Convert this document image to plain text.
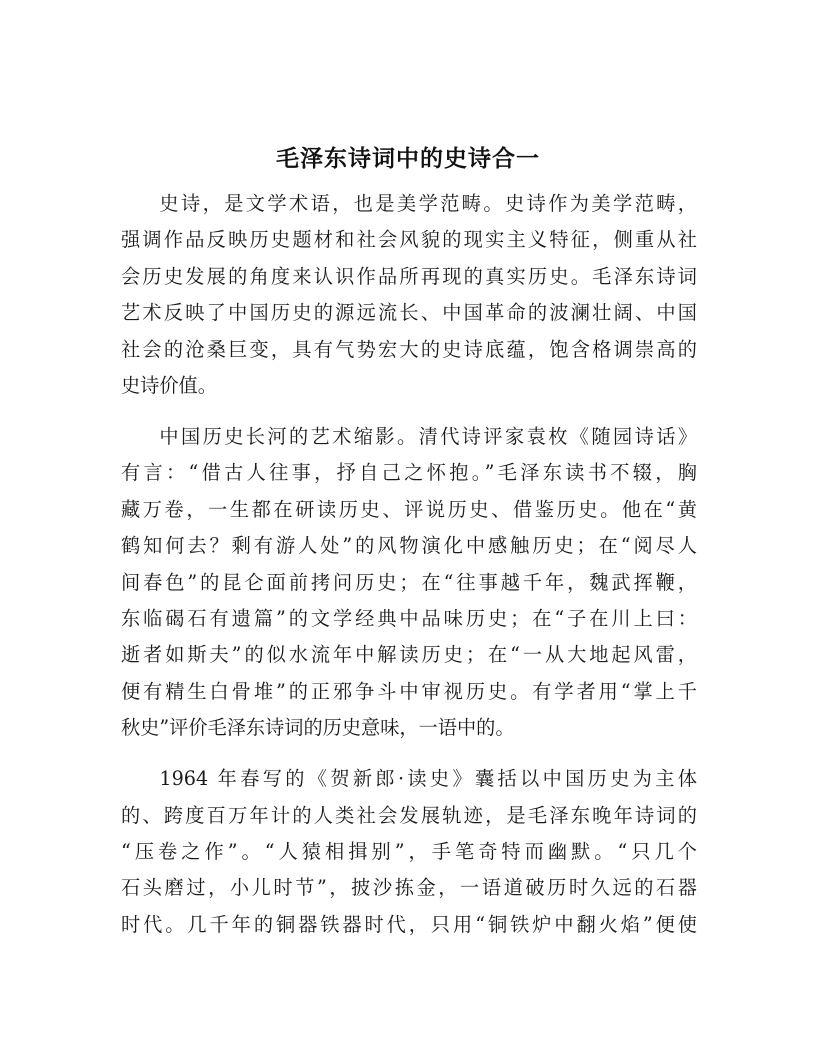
毛泽东诗词中的史诗合一

史诗，是文学术语，也是美学范畴。史诗作为美学范畴，
强调作品反映历史题材和社会风貌的现实主义特征，侧重从社
会历史发展的角度来认识作品所再现的真实历史。毛泽东诗词
艺术反映了中国历史的源远流长、中国革命的波澜壮阔、中国
社会的沧桑巨变，具有气势宏大的史诗底蕴，饱含格调崇高的
史诗价值。

中国历史长河的艺术缩影。清代诗评家袁枚《随园诗话》
有言：“借古人往事，抒自己之怀抱。”毛泽东读书不辍，胸
藏万卷，一生都在研读历史、评说历史、借鉴历史。他在“黄
鹤知何去？剩有游人处”的风物演化中感触历史；在“阅尽人
间春色”的昆仑面前拷问历史；在“往事越千年，魏武挥鞭，
东临碣石有遗篇”的文学经典中品味历史；在“子在川上曰：
逝者如斯夫”的似水流年中解读历史；在“一从大地起风雷，
便有精生白骨堆”的正邪争斗中审视历史。有学者用“掌上千
秋史”评价毛泽东诗词的历史意味，一语中的。

1964 年春写的《贺新郎·读史》囊括以中国历史为主体
的、跨度百万年计的人类社会发展轨迹，是毛泽东晚年诗词的
“压卷之作”。“人猿相揖别”，手笔奇特而幽默。“只几个
石头磨过，小儿时节”，披沙拣金，一语道破历时久远的石器
时代。几千年的铜器铁器时代，只用“铜铁炉中翻火焰”便使
